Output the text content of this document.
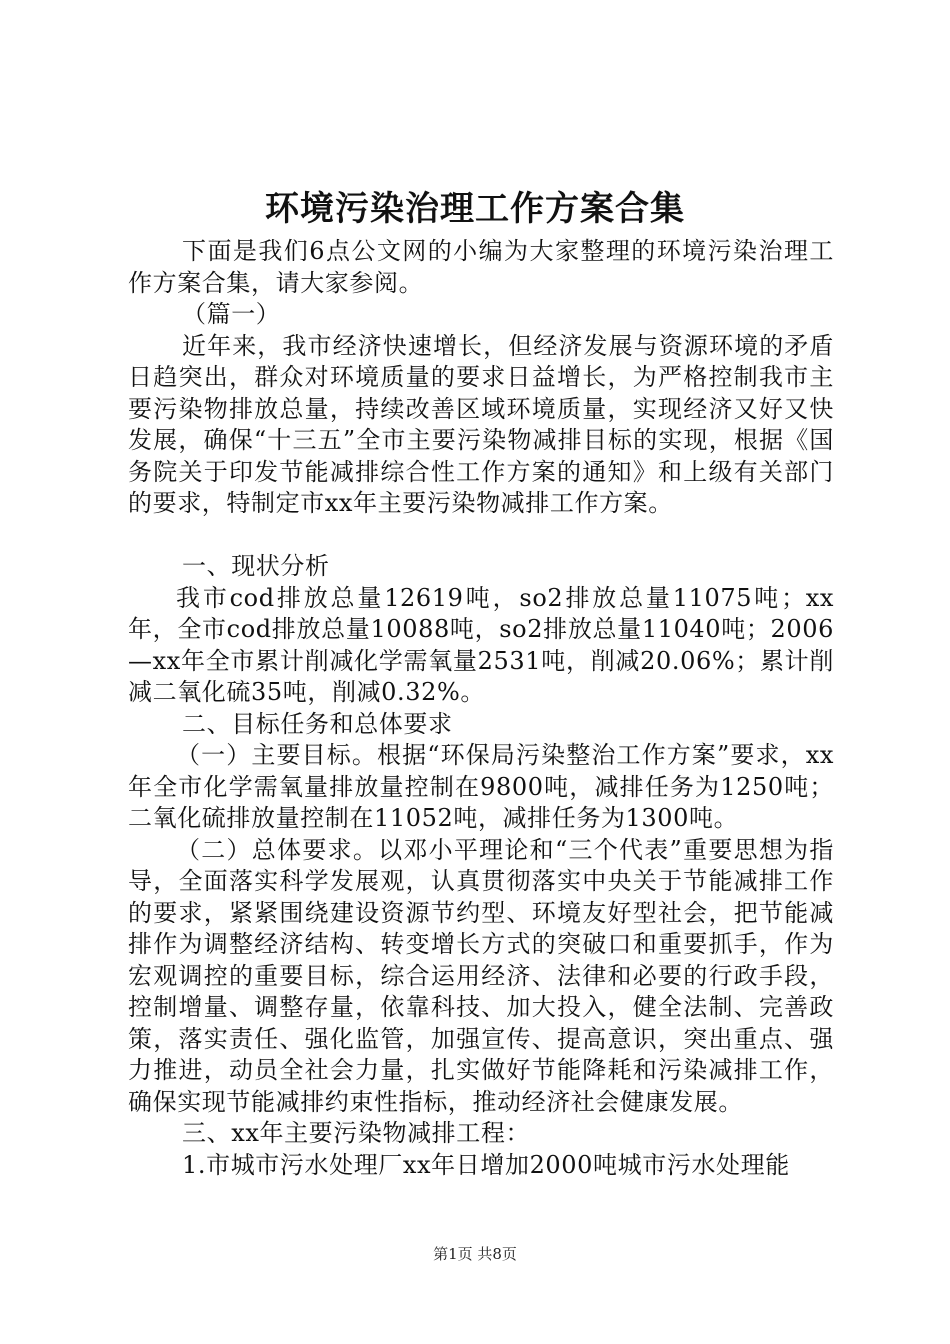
环境污染治理工作方案合集

下面是我们6点公文网的小编为大家整理的环境污染治理工作方案合集，请大家参阅。

（篇一）

近年来，我市经济快速增长，但经济发展与资源环境的矛盾日趋突出，群众对环境质量的要求日益增长，为严格控制我市主要污染物排放总量，持续改善区域环境质量，实现经济又好又快发展，确保“十三五”全市主要污染物减排目标的实现，根据《国务院关于印发节能减排综合性工作方案的通知》和上级有关部门的要求，特制定市xx年主要污染物减排工作方案。

一、现状分析

我市cod排放总量12619吨，so2排放总量11075吨；xx年，全市cod排放总量10088吨，so2排放总量11040吨；2006—xx年全市累计削减化学需氧量2531吨，削减20.06%；累计削减二氧化硫35吨，削减0.32%。

二、目标任务和总体要求

（一）主要目标。根据“环保局污染整治工作方案”要求，xx年全市化学需氧量排放量控制在9800吨，减排任务为1250吨；二氧化硫排放量控制在11052吨，减排任务为1300吨。

（二）总体要求。以邓小平理论和“三个代表”重要思想为指导，全面落实科学发展观，认真贯彻落实中央关于节能减排工作的要求，紧紧围绕建设资源节约型、环境友好型社会，把节能减排作为调整经济结构、转变增长方式的突破口和重要抓手，作为宏观调控的重要目标，综合运用经济、法律和必要的行政手段，控制增量、调整存量，依靠科技、加大投入，健全法制、完善政策，落实责任、强化监管，加强宣传、提高意识，突出重点、强力推进，动员全社会力量，扎实做好节能降耗和污染减排工作，确保实现节能减排约束性指标，推动经济社会健康发展。

三、xx年主要污染物减排工程：

1.市城市污水处理厂xx年日增加2000吨城市污水处理能

第1页 共8页
